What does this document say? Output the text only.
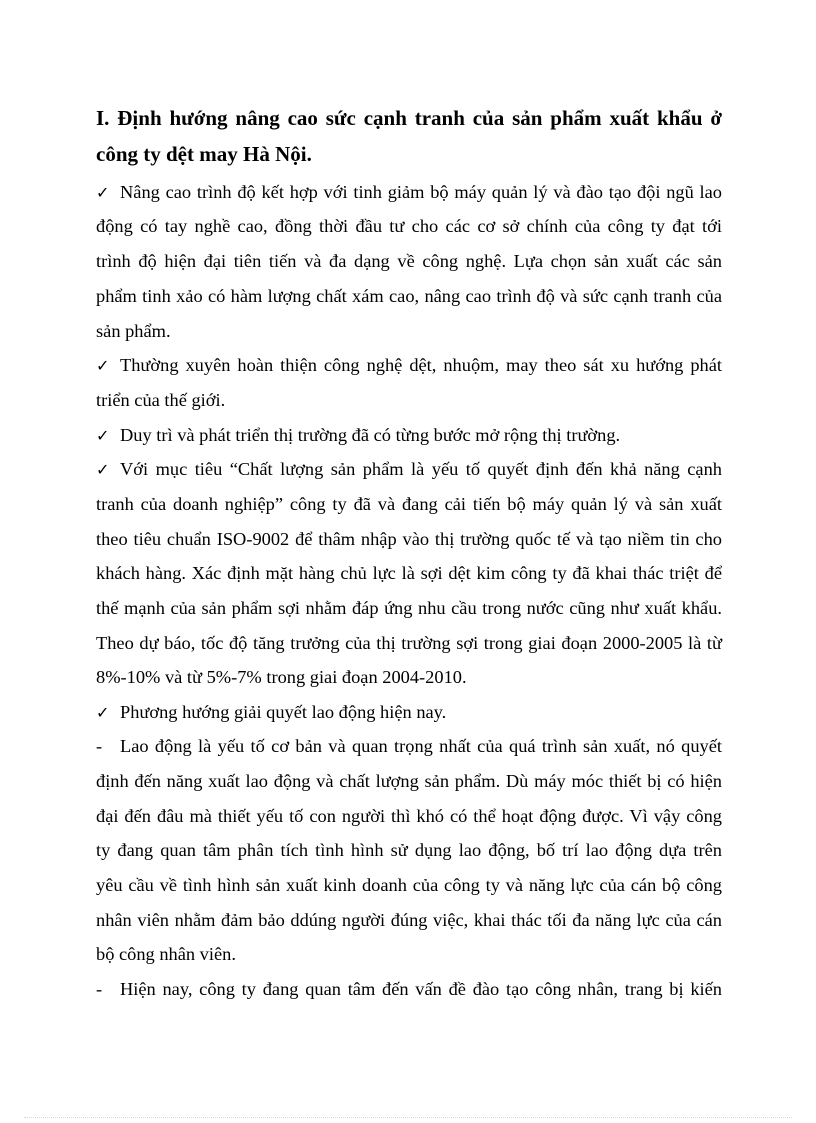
I. Định hướng nâng cao sức cạnh tranh của sản phẩm xuất khẩu ở
công ty dệt may Hà Nội.
✓ Nâng cao trình độ kết hợp với tinh giảm bộ máy quản lý và đào tạo đội ngũ lao
động có tay nghề cao, đồng thời đầu tư cho các cơ sở chính của công ty đạt tới
trình độ hiện đại tiên tiến và đa dạng về công nghệ. Lựa chọn sản xuất các sản
phẩm tinh xảo có hàm lượng chất xám cao, nâng cao trình độ và sức cạnh tranh của
sản phẩm.
✓ Thường xuyên hoàn thiện công nghệ dệt, nhuộm, may theo sát xu hướng phát
triển của thế giới.
✓ Duy trì và phát triển thị trường đã có từng bước mở rộng thị trường.
✓ Với mục tiêu “Chất lượng sản phẩm là yếu tố quyết định đến khả năng cạnh
tranh của doanh nghiệp” công ty đã và đang cải tiến bộ máy quản lý và sản xuất
theo tiêu chuẩn ISO-9002 để thâm nhập vào thị trường quốc tế và tạo niềm tin cho
khách hàng. Xác định mặt hàng chủ lực là sợi dệt kim công ty đã khai thác triệt để
thế mạnh của sản phẩm sợi nhằm đáp ứng nhu cầu trong nước cũng như xuất khẩu.
Theo dự báo, tốc độ tăng trưởng của thị trường sợi trong giai đoạn 2000-2005 là từ
8%-10% và từ 5%-7% trong giai đoạn 2004-2010.
✓ Phương hướng giải quyết lao động hiện nay.
- Lao động là yếu tố cơ bản và quan trọng nhất của quá trình sản xuất, nó quyết
định đến năng xuất lao động và chất lượng sản phẩm. Dù máy móc thiết bị có hiện
đại đến đâu mà thiết yếu tố con người thì khó có thể hoạt động được. Vì vậy công
ty đang quan tâm phân tích tình hình sử dụng lao động, bố trí lao động dựa trên
yêu cầu về tình hình sản xuất kinh doanh của công ty và năng lực của cán bộ công
nhân viên nhằm đảm bảo ddúng người đúng việc, khai thác tối đa năng lực của cán
bộ công nhân viên.
- Hiện nay, công ty đang quan tâm đến vấn đề đào tạo công nhân, trang bị kiến
